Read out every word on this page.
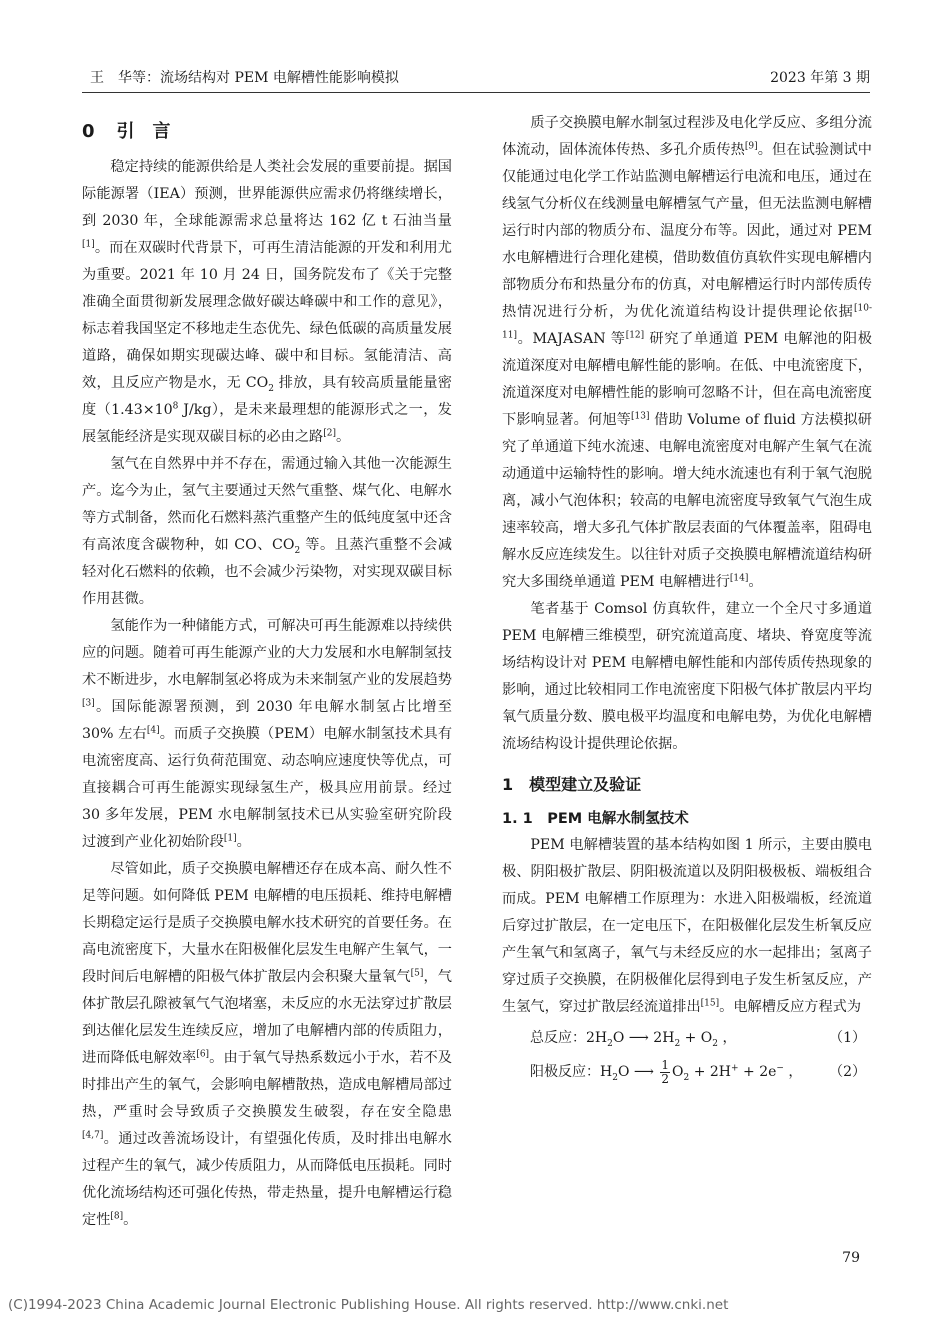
王　华等：流场结构对 PEM 电解槽性能影响模拟	2023 年第 3 期
0 引　言

稳定持续的能源供给是人类社会发展的重要前提。据国际能源署（IEA）预测，世界能源供应需求仍将继续增长，到 2030 年，全球能源需求总量将达 162 亿 t 石油当量[1]。而在双碳时代背景下，可再生清洁能源的开发和利用尤为重要。2021 年 10 月 24 日，国务院发布了《关于完整准确全面贯彻新发展理念做好碳达峰碳中和工作的意见》，标志着我国坚定不移地走生态优先、绿色低碳的高质量发展道路，确保如期实现碳达峰、碳中和目标。氢能清洁、高效，且反应产物是水，无 $CO_2$ 排放，具有较高质量能量密度（$1.43\times 10^8$ J/kg），是未来最理想的能源形式之一，发展氢能经济是实现双碳目标的必由之路[2]。

氢气在自然界中并不存在，需通过输入其他一次能源生产。迄今为止，氢气主要通过天然气重整、煤气化、电解水等方式制备，然而化石燃料蒸汽重整产生的低纯度氢中还含有高浓度含碳物种，如 CO、$CO_2$ 等。且蒸汽重整不会减轻对化石燃料的依赖，也不会减少污染物，对实现双碳目标作用甚微。

氢能作为一种储能方式，可解决可再生能源难以持续供应的问题。随着可再生能源产业的大力发展和水电解制氢技术不断进步，水电解制氢必将成为未来制氢产业的发展趋势[3]。国际能源署预测，到 2030 年电解水制氢占比增至 30% 左右[4]。而质子交换膜（PEM）电解水制氢技术具有电流密度高、运行负荷范围宽、动态响应速度快等优点，可直接耦合可再生能源实现绿氢生产，极具应用前景。经过 30 多年发展，PEM 水电解制氢技术已从实验室研究阶段过渡到产业化初始阶段[1]。

尽管如此，质子交换膜电解槽还存在成本高、耐久性不足等问题。如何降低 PEM 电解槽的电压损耗、维持电解槽长期稳定运行是质子交换膜电解水技术研究的首要任务。在高电流密度下，大量水在阳极催化层发生电解产生氧气，一段时间后电解槽的阳极气体扩散层内会积聚大量氧气[5]，气体扩散层孔隙被氧气气泡堵塞，未反应的水无法穿过扩散层到达催化层发生连续反应，增加了电解槽内部的传质阻力，进而降低电解效率[6]。由于氧气导热系数远小于水，若不及时排出产生的氧气，会影响电解槽散热，造成电解槽局部过热，严重时会导致质子交换膜发生破裂，存在安全隐患[4,7]。通过改善流场设计，有望强化传质，及时排出电解水过程产生的氧气，减少传质阻力，从而降低电压损耗。同时优化流场结构还可强化传热，带走热量，提升电解槽运行稳定性[8]。

质子交换膜电解水制氢过程涉及电化学反应、多组分流体流动，固体流体传热、多孔介质传热[9]。但在试验测试中仅能通过电化学工作站监测电解槽运行电流和电压，通过在线氢气分析仪在线测量电解槽氢气产量，但无法监测电解槽运行时内部的物质分布、温度分布等。因此，通过对 PEM 水电解槽进行合理化建模，借助数值仿真软件实现电解槽内部物质分布和热量分布的仿真，对电解槽运行时内部传质传热情况进行分析，为优化流道结构设计提供理论依据[10-11]。MAJASAN 等[12] 研究了单通道 PEM 电解池的阳极流道深度对电解槽电解性能的影响。在低、中电流密度下，流道深度对电解槽性能的影响可忽略不计，但在高电流密度下影响显著。何旭等[13] 借助 Volume of fluid 方法模拟研究了单通道下纯水流速、电解电流密度对电解产生氧气在流动通道中运输特性的影响。增大纯水流速也有利于氧气泡脱离，减小气泡体积；较高的电解电流密度导致氧气气泡生成速率较高，增大多孔气体扩散层表面的气体覆盖率，阻碍电解水反应连续发生。以往针对质子交换膜电解槽流道结构研究大多围绕单通道 PEM 电解槽进行[14]。

笔者基于 Comsol 仿真软件，建立一个全尺寸多通道 PEM 电解槽三维模型，研究流道高度、堵块、脊宽度等流场结构设计对 PEM 电解槽电解性能和内部传质传热现象的影响，通过比较相同工作电流密度下阳极气体扩散层内平均氧气质量分数、膜电极平均温度和电解电势，为优化电解槽流场结构设计提供理论依据。

1　 模型建立及验证
1. 1　 PEM 电解水制氢技术

PEM 电解槽装置的基本结构如图 1 所示，主要由膜电极、阴阳极扩散层、阴阳极流道以及阴阳极极板、端板组合而成。PEM 电解槽工作原理为：水进入阳极端板，经流道后穿过扩散层，在一定电压下，在阳极催化层发生析氧反应产生氧气和氢离子，氧气与未经反应的水一起排出；氢离子穿过质子交换膜，在阴极催化层得到电子发生析氢反应，产生氢气，穿过扩散层经流道排出[15]。电解槽反应方程式为

总反应：$2H_2O$ ⟶ $2H_2 + O_2$ ，	（1）
阳极反应：$H_2O$ ⟶ $\frac{1}{2} O_2 + 2H^+ + 2e^-$ ， （2）
79
(C)1994-2023 China Academic Journal Electronic Publishing House. All rights reserved. http://www.cnki.net
